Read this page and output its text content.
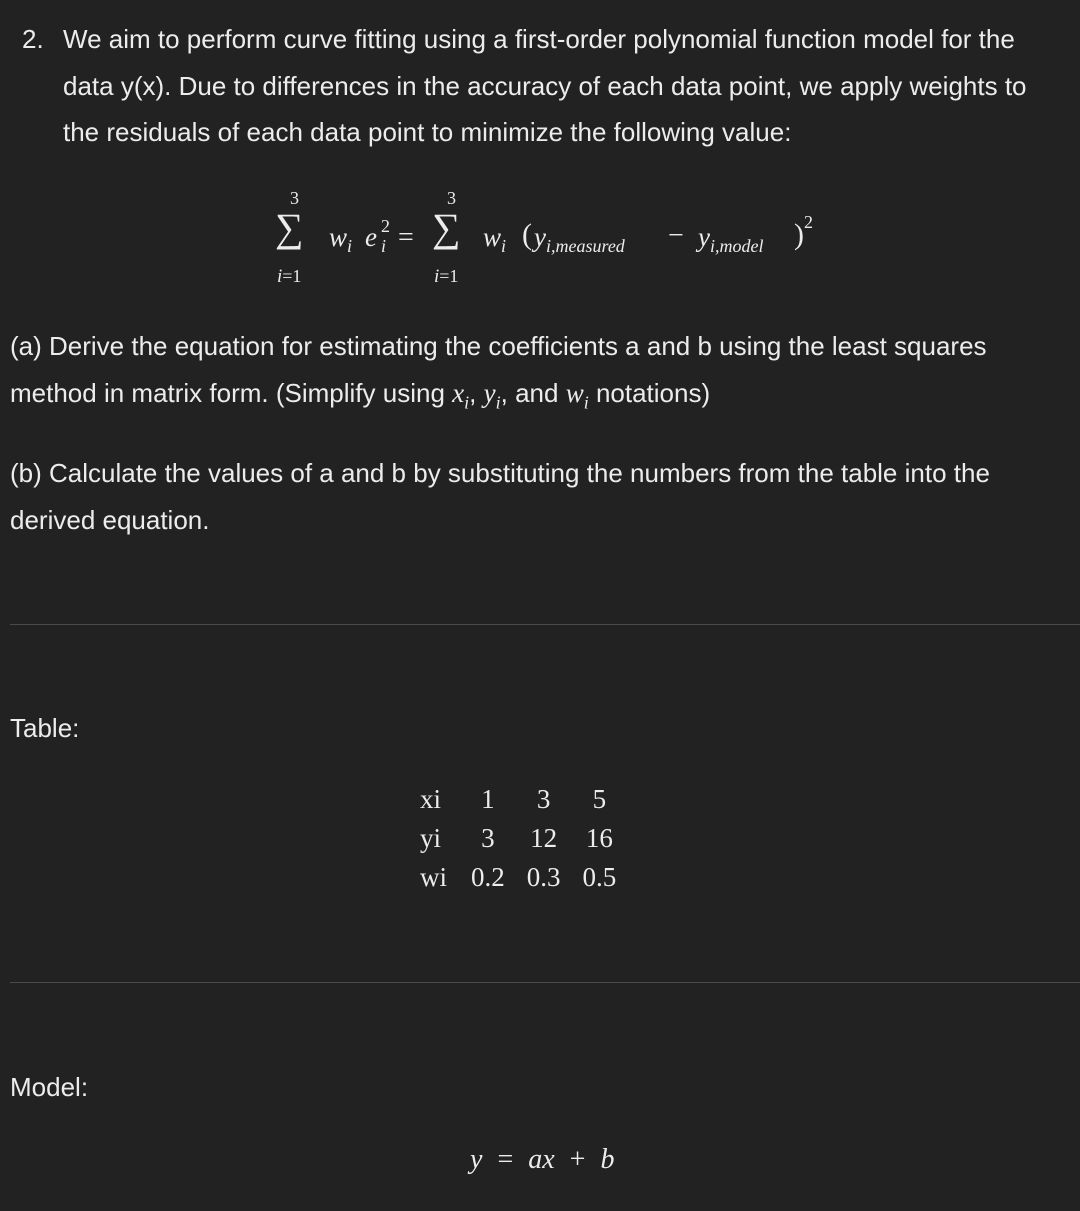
2. We aim to perform curve fitting using a first-order polynomial function model for the data y(x). Due to differences in the accuracy of each data point, we apply weights to the residuals of each data point to minimize the following value:
3
∑
i=1
$w_i$ e 2
i =
3
∑
i=1
$w_i$ ( $y_{i,measured} - y_{i,model}$ ) 2
(a) Derive the equation for estimating the coefficients a and b using the least squares method in matrix form. (Simplify using $x_i$, $y_i$, and $w_i$ notations)
(b) Calculate the values of a and b by substituting the numbers from the table into the derived equation.
Table:
xi	1	3	5
yi	3	12	16
wi	0.2	0.3	0.5
Model:
y = ax + b
